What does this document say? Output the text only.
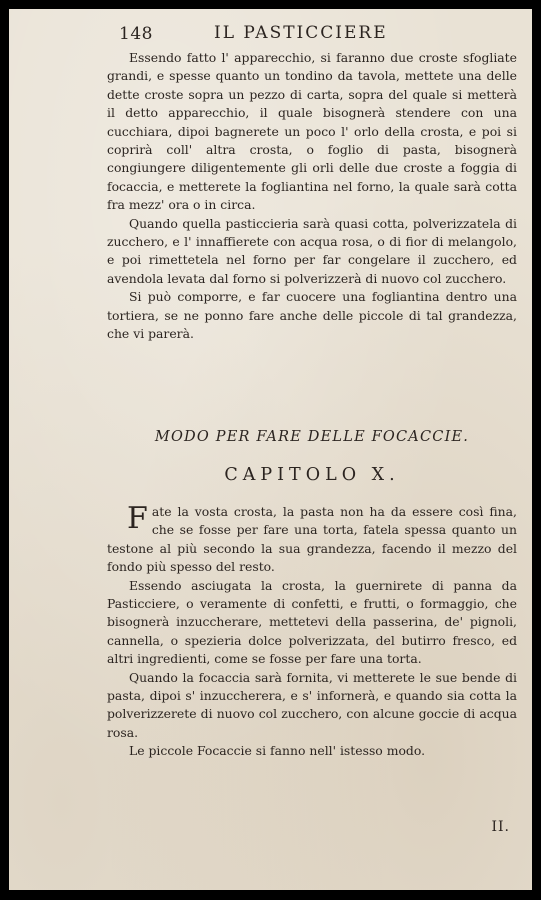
148	IL PASTICCIERE

Essendo fatto l' apparecchio, si faranno due croste sfogliate grandi, e spesse quanto un tondino da tavola, mettete una delle dette croste sopra un pezzo di carta, sopra del quale si metterà il detto apparecchio, il quale bisognerà stendere con una cucchiara, dipoi bagnerete un poco l' orlo della crosta, e poi si coprirà coll' altra crosta, o foglio di pasta, bisognerà congiungere diligentemente gli orli delle due croste a foggia di focaccia, e metterete la fogliantina nel forno, la quale sarà cotta fra mezz' ora o in circa.

Quando quella pasticcieria sarà quasi cotta, polverizzatela di zucchero, e l' innaffierete con acqua rosa, o di fior di melangolo, e poi rimettetela nel forno per far congelare il zucchero, ed avendola levata dal forno si polverizzerà di nuovo col zucchero.

Si può comporre, e far cuocere una fogliantina dentro una tortiera, se ne ponno fare anche delle piccole di tal grandezza, che vi parerà.

MODO PER FARE DELLE FOCACCIE.
CAPITOLO X.

Fate la vosta crosta, la pasta non ha da essere così fina, che se fosse per fare una torta, fatela spessa quanto un testone al più secondo la sua grandezza, facendo il mezzo del fondo più spesso del resto.

Essendo asciugata la crosta, la guernirete di panna da Pasticciere, o veramente di confetti, e frutti, o formaggio, che bisognerà inzuccherare, mettetevi della passerina, de' pignoli, cannella, o spezieria dolce polverizzata, del butirro fresco, ed altri ingredienti, come se fosse per fare una torta.

Quando la focaccia sarà fornita, vi metterete le sue bende di pasta, dipoi s' inzuccherera, e s' infornerà, e quando sia cotta la polverizzerete di nuovo col zucchero, con alcune goccie di acqua rosa.

Le piccole Focaccie si fanno nell' istesso modo.

II.
